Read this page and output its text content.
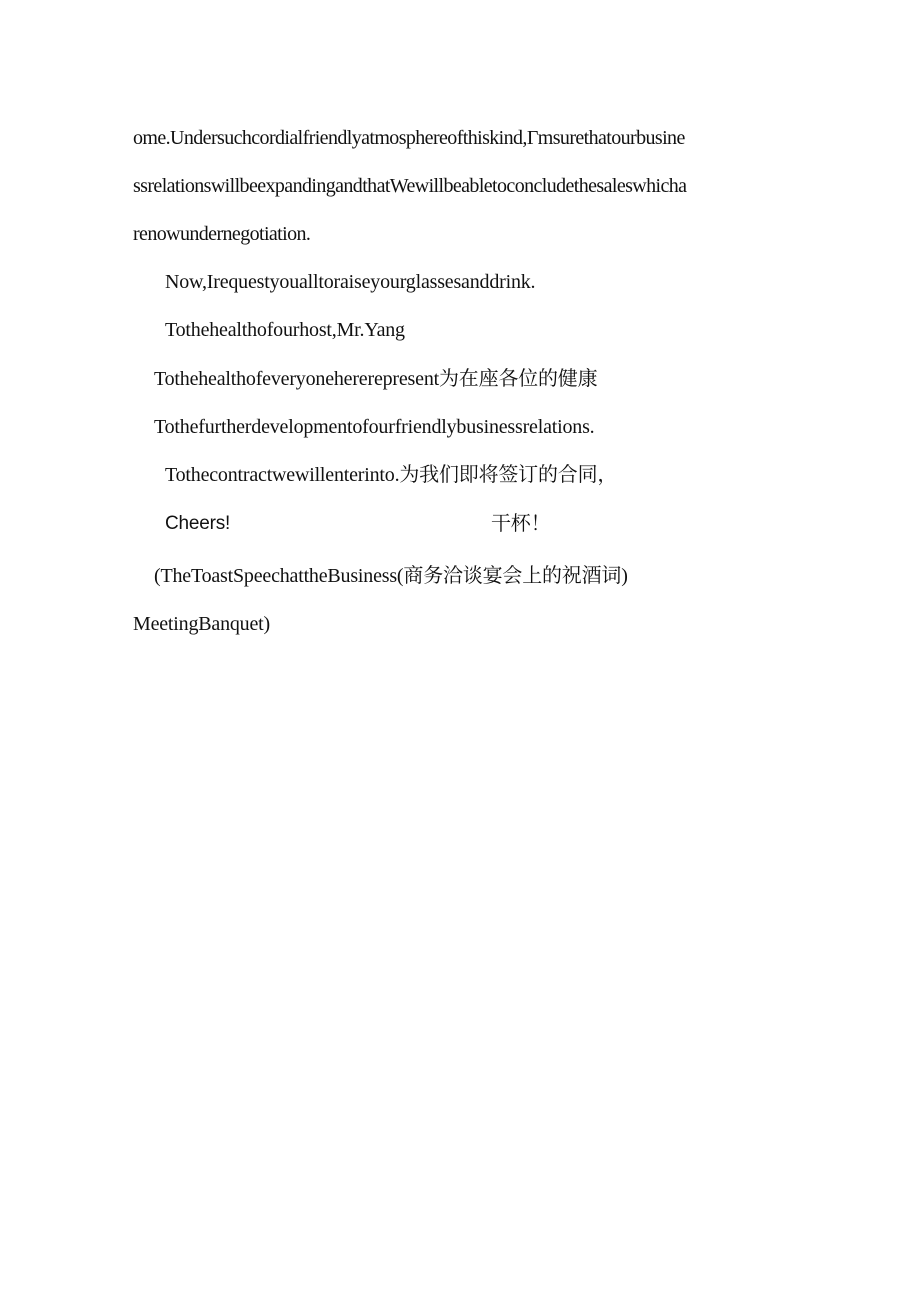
ome.Undersuchcordialfriendlyatmosphereofthiskind,Γmsurethatourbusine
ssrelationswillbeexpandingandthatWewillbeabletoconcludethesaleswhicha
renowundernegotiation.
Now,Irequestyoualltoraiseyourglassesanddrink.
Tothehealthofourhost,Mr.Yang
Tothehealthofeveryonehererepresent为在座各位的健康
Tothefurtherdevelopmentofourfriendlybusinessrelations.
Tothecontractwewillenterinto.为我们即将签订的合同，
Cheers!	干杯！
(TheToastSpeechattheBusiness(商务洽谈宴会上的祝酒词)
MeetingBanquet)
